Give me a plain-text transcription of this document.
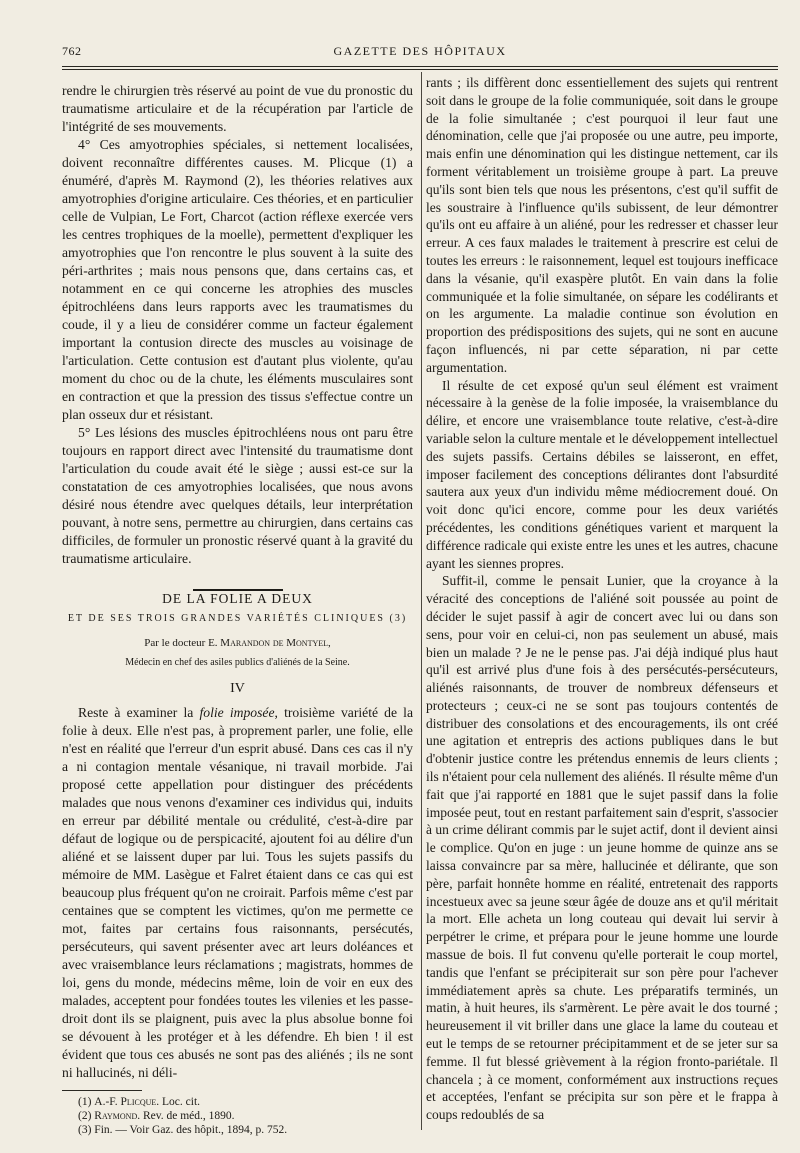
762	GAZETTE DES HÔPITAUX

rendre le chirurgien très réservé au point de vue du pronostic du traumatisme articulaire et de la récupération par l'article de l'intégrité de ses mouvements.

4° Ces amyotrophies spéciales, si nettement localisées, doivent reconnaître différentes causes. M. Plicque (1) a énuméré, d'après M. Raymond (2), les théories relatives aux amyotrophies d'origine articulaire. Ces théories, et en particulier celle de Vulpian, Le Fort, Charcot (action réflexe exercée vers les centres trophiques de la moelle), permettent d'expliquer les amyotrophies que l'on rencontre le plus souvent à la suite des péri-arthrites ; mais nous pensons que, dans certains cas, et notamment en ce qui concerne les atrophies des muscles épitrochléens dans leurs rapports avec les traumatismes du coude, il y a lieu de considérer comme un facteur également important la contusion directe des muscles au voisinage de l'articulation. Cette contusion est d'autant plus violente, qu'au moment du choc ou de la chute, les éléments musculaires sont en contraction et que la pression des tissus s'effectue contre un plan osseux dur et résistant.

5° Les lésions des muscles épitrochléens nous ont paru être toujours en rapport direct avec l'intensité du traumatisme dont l'articulation du coude avait été le siège ; aussi est-ce sur la constatation de ces amyotrophies localisées, que nous avons désiré nous étendre avec quelques détails, leur interprétation pouvant, à notre sens, permettre au chirurgien, dans certains cas difficiles, de formuler un pronostic réservé quant à la gravité du traumatisme articulaire.

DE LA FOLIE A DEUX
ET DE SES TROIS GRANDES VARIÉTÉS CLINIQUES (3)
Par le docteur E. Marandon de Montyel,
Médecin en chef des asiles publics d'aliénés de la Seine.
IV

Reste à examiner la folie imposée, troisième variété de la folie à deux. Elle n'est pas, à proprement parler, une folie, elle n'est en réalité que l'erreur d'un esprit abusé. Dans ces cas il n'y a ni contagion mentale vésanique, ni travail morbide. J'ai proposé cette appellation pour distinguer des précédents malades que nous venons d'examiner ces individus qui, induits en erreur par débilité mentale ou crédulité, c'est-à-dire par défaut de logique ou de perspicacité, ajoutent foi au délire d'un aliéné et se laissent duper par lui. Tous les sujets passifs du mémoire de MM. Lasègue et Falret étaient dans ce cas qui est beaucoup plus fréquent qu'on ne croirait. Parfois même c'est par centaines que se comptent les victimes, qu'on me permette ce mot, faites par certains fous raisonnants, persécutés, persécuteurs, qui savent présenter avec art leurs doléances et avec vraisemblance leurs réclamations ; magistrats, hommes de loi, gens du monde, médecins même, loin de voir en eux des malades, acceptent pour fondées toutes les vilenies et les passe-droit dont ils se plaignent, puis avec la plus absolue bonne foi se dévouent à les protéger et à les défendre. Eh bien ! il est évident que tous ces abusés ne sont pas des aliénés ; ils ne sont ni hallucinés, ni déli-

(1) A.-F. Plicque. Loc. cit.

(2) Raymond. Rev. de méd., 1890.

(3) Fin. — Voir Gaz. des hôpit., 1894, p. 752.

rants ; ils diffèrent donc essentiellement des sujets qui rentrent soit dans le groupe de la folie communiquée, soit dans le groupe de la folie simultanée ; c'est pourquoi il leur faut une dénomination, celle que j'ai proposée ou une autre, peu importe, mais enfin une dénomination qui les distingue nettement, car ils forment véritablement un troisième groupe à part. La preuve qu'ils sont bien tels que nous les présentons, c'est qu'il suffit de les soustraire à l'influence qu'ils subissent, de leur démontrer qu'ils ont eu affaire à un aliéné, pour les redresser et chasser leur erreur. A ces faux malades le traitement à prescrire est celui de toutes les erreurs : le raisonnement, lequel est toujours inefficace dans la vésanie, qu'il exaspère plutôt. En vain dans la folie communiquée et la folie simultanée, on sépare les codélirants et on les argumente. La maladie continue son évolution en proportion des prédispositions des sujets, qui ne sont en aucune façon influencés, ni par cette séparation, ni par cette argumentation.

Il résulte de cet exposé qu'un seul élément est vraiment nécessaire à la genèse de la folie imposée, la vraisemblance du délire, et encore une vraisemblance toute relative, c'est-à-dire variable selon la culture mentale et le développement intellectuel des sujets passifs. Certains débiles se laisseront, en effet, imposer facilement des conceptions délirantes dont l'absurdité sautera aux yeux d'un individu même médiocrement doué. On voit donc qu'ici encore, comme pour les deux variétés précédentes, les conditions génétiques varient et marquent la différence radicale qui existe entre les unes et les autres, chacune ayant les siennes propres.

Suffit-il, comme le pensait Lunier, que la croyance à la véracité des conceptions de l'aliéné soit poussée au point de décider le sujet passif à agir de concert avec lui ou dans son sens, pour voir en celui-ci, non pas seulement un abusé, mais bien un malade ? Je ne le pense pas. J'ai déjà indiqué plus haut qu'il est arrivé plus d'une fois à des persécutés-persécuteurs, aliénés raisonnants, de trouver de nombreux défenseurs et protecteurs ; ceux-ci ne se sont pas toujours contentés de distribuer des consolations et des encouragements, ils ont créé une agitation et entrepris des actions publiques dans le but d'obtenir justice contre les prétendus ennemis de leurs clients ; ils n'étaient pour cela nullement des aliénés. Il résulte même d'un fait que j'ai rapporté en 1881 que le sujet passif dans la folie imposée peut, tout en restant parfaitement sain d'esprit, s'associer à un crime délirant commis par le sujet actif, dont il devient ainsi le complice. Qu'on en juge : un jeune homme de quinze ans se laissa convaincre par sa mère, hallucinée et délirante, que son père, parfait honnête homme en réalité, entretenait des rapports incestueux avec sa jeune sœur âgée de douze ans et qu'il méritait la mort. Elle acheta un long couteau qui devait lui servir à perpétrer le crime, et prépara pour le jeune homme une lourde massue de bois. Il fut convenu qu'elle porterait le coup mortel, tandis que l'enfant se précipiterait sur son père pour l'achever immédiatement après sa chute. Les préparatifs terminés, un matin, à huit heures, ils s'armèrent. Le père avait le dos tourné ; heureusement il vit briller dans une glace la lame du couteau et eut le temps de se retourner précipitamment et de se jeter sur sa femme. Il fut blessé grièvement à la région fronto-pariétale. Il chancela ; à ce moment, conformément aux instructions reçues et acceptées, l'enfant se précipita sur son père et le frappa à coups redoublés de sa
